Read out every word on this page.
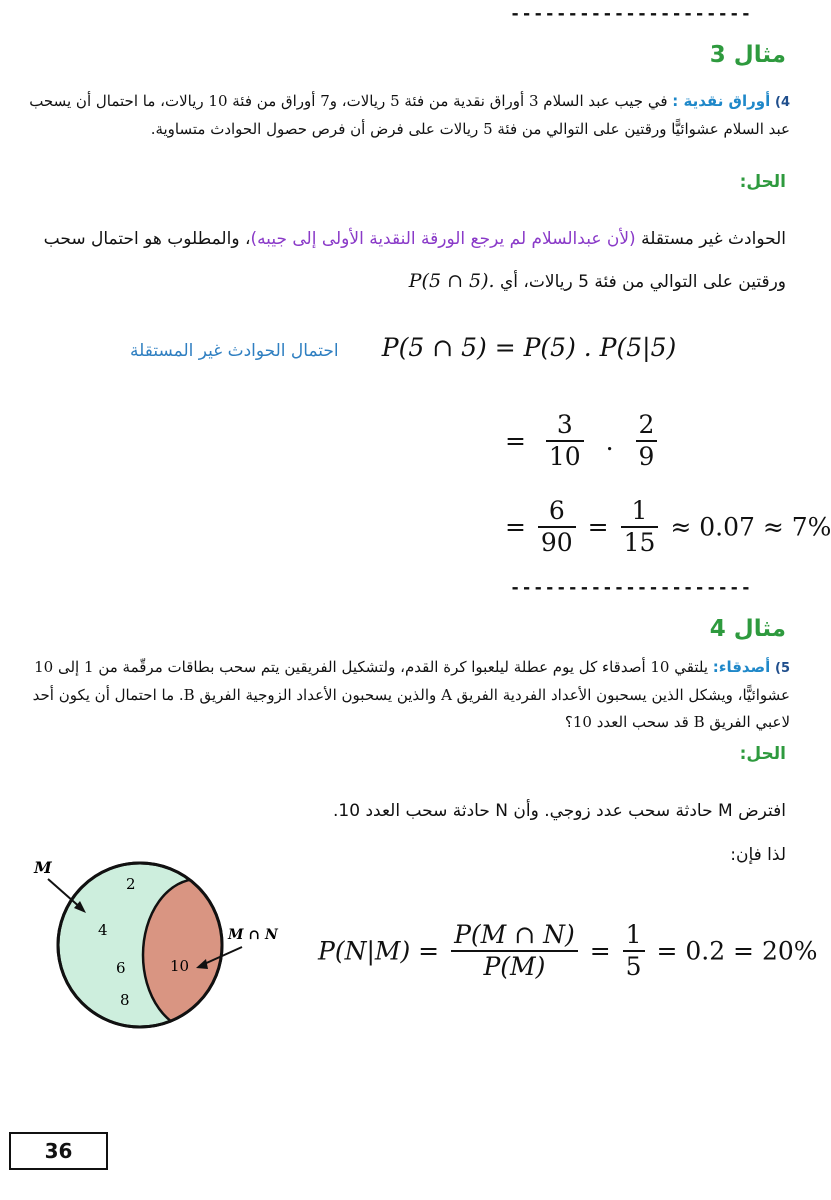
---------------------
مثال 3
4) أوراق نقدية : في جيب عبد السلام 3 أوراق نقدية من فئة 5 ريالات، و7 أوراق من فئة 10 ريالات، ما احتمال أن يسحب عبد السلام عشوائيًّا ورقتين على التوالي من فئة 5 ريالات على فرض أن فرص حصول الحوادث متساوية.
الحل:
الحوادث غير مستقلة (لأن عبدالسلام لم يرجع الورقة النقدية الأولى إلى جيبه)، والمطلوب هو احتمال سحب ورقتين على التوالي من فئة 5 ريالات، أي P(5 ∩ 5).
احتمال الحوادث غير المستقلة P(5 ∩ 5) = P(5) . P(5|5)
= $\frac{3}{10}$ . $\frac{2}{9}$
= $\frac{6}{90} = \frac{1}{15} \approx 0.07 \approx 7\%$
---------------------
مثال 4
5) أصدقاء: يلتقي 10 أصدقاء كل يوم عطلة ليلعبوا كرة القدم، ولتشكيل الفريقين يتم سحب بطاقات مرقّمة من 1 إلى 10 عشوائيًّا، ويشكل الذين يسحبون الأعداد الفردية الفريق A والذين يسحبون الأعداد الزوجية الفريق B. ما احتمال أن يكون أحد لاعبي الفريق B قد سحب العدد 10؟
الحل:
افترض M حادثة سحب عدد زوجي. وأن N حادثة سحب العدد 10.
لذا فإن:
M
2
4
6
8
10
M ∩ N
$P(N|M) = \frac{P(M \cap N)}{P(M)} = \frac{1}{5} = 0.2 = 20\%$
36
